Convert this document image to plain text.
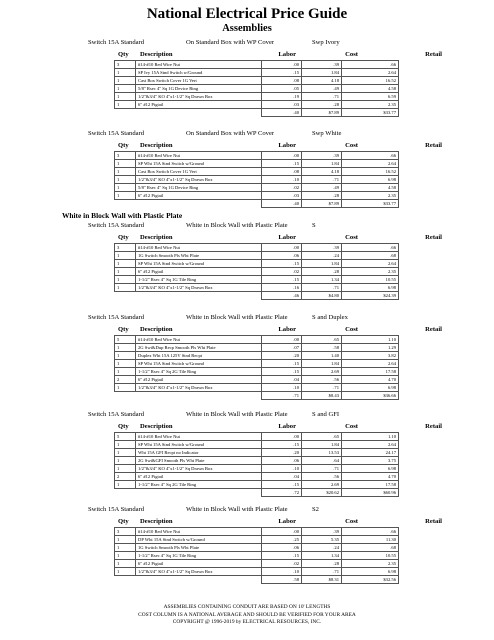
National Electrical Price Guide
Assemblies
Switch 15A Standard	On Standard Box with WP Cover	Swp Ivory
Qty Description	Labor	Cost	Retail
3	#14-#10 Red Wire Nut	.00	.39	.66
1	SP Ivy 15A Stnd Switch w/Ground	.15	1.84	2.64
1	Cast Box Switch Cover 1G Vert	.08	4.18	16.52
1	5/8" Rsec 4" Sq 1G Device Ring	.05	.49	4.58
1	1/2"&3/4" KO 4"x1-1/2" Sq Drawn Box	.19	.71	6.59
1	6" #12 Pigtail	.03	.28	2.35
		.40	$7.89	$33.77
Switch 15A Standard	On Standard Box with WP Cover	Swp White
Qty Description	Labor	Cost	Retail
3	#14-#10 Red Wire Nut	.00	.39	.66
1	SP Wht 15A Stnd Switch w/Ground	.15	1.84	2.64
1	Cast Box Switch Cover 1G Vert	.08	4.18	16.52
1	1/2"&3/4" KO 4"x1-1/2" Sq Drawn Box	.10	.71	6.98
1	5/8" Rsec 4" Sq 1G Device Ring	.02	.49	4.58
1	6" #12 Pigtail	.03	.28	2.35
		.40	$7.89	$33.77
Switch 15A Standard	White in Block Wall with Plastic Plate	S
Qty Description	Labor	Cost	Retail
3	#14-#10 Red Wire Nut	.00	.39	.66
1	1G Switch Smooth Pls Wht Plate	.06	.24	.68
1	SP Wht 15A Stnd Switch w/Ground	.15	1.84	2.64
1	6" #12 Pigtail	.02	.28	2.35
1	1-1/2" Rsec 4" Sq 1G Tile Ring	.15	1.34	10.55
1	1/2"&3/4" KO 4"x1-1/2" Sq Drawn Box	.16	.71	6.98
		.46	$4.80	$24.39
Switch 15A Standard	White in Block Wall with Plastic Plate	S and Duplex
Qty Description	Labor	Cost	Retail
5	#14-#10 Red Wire Nut	.00	.65	1.10
1	2G Swt&Dup Recp Smooth Pls Wht Plate	.07	.58	1.29
1	Duplex Wht 15A 125V Stnd Recpt	.20	1.40	3.82
1	SP Wht 15A Stnd Switch w/Ground	.15	1.84	2.64
1	1-1/2" Rsec 4" Sq 2G Tile Ring	.15	2.69	17.58
2	6" #12 Pigtail	.04	.56	4.70
1	1/2"&3/4" KO 4"x1-1/2" Sq Drawn Box	.10	.71	6.98
		.71	$8.43	$36.66
Switch 15A Standard	White in Block Wall with Plastic Plate	S and GFI
Qty Description	Labor	Cost	Retail
5	#14-#10 Red Wire Nut	.00	.65	1.10
1	SP Wht 15A Stnd Switch w/Ground	.15	1.84	2.64
1	Wht 15A GFI Recpt no Indicator	.20	13.53	24.17
1	2G Swt&GFI Smooth Pls Wht Plate	.06	.64	3.75
1	1/2"&3/4" KO 4"x1-1/2" Sq Drawn Box	.10	.71	6.98
2	6" #12 Pigtail	.04	.56	4.70
1	1-1/2" Rsec 4" Sq 2G Tile Ring	.15	2.69	17.58
		.72	$20.62	$60.96
Switch 15A Standard	White in Block Wall with Plastic Plate	S2
Qty Description	Labor	Cost	Retail
3	#14-#10 Red Wire Nut	.00	.39	.66
1	DP Wht 15A Stnd Switch w/Ground	.25	5.35	11.30
1	1G Switch Smooth Pls Wht Plate	.06	.24	.68
1	1-1/2" Rsec 4" Sq 1G Tile Ring	.15	1.34	10.55
1	6" #12 Pigtail	.02	.28	2.35
1	1/2"&3/4" KO 4"x1-1/2" Sq Drawn Box	.10	.71	6.98
		.58	$8.31	$32.56
White in Block Wall with Plastic Plate
ASSEMBLIES CONTAINING CONDUIT ARE BASED ON 10' LENGTHS
COST COLUMN IS A NATIONAL AVERAGE AND SHOULD BE VERIFIED FOR YOUR AREA
COPYRIGHT @ 1996-2019 by ELECTRICAL RESOURCES, INC.
